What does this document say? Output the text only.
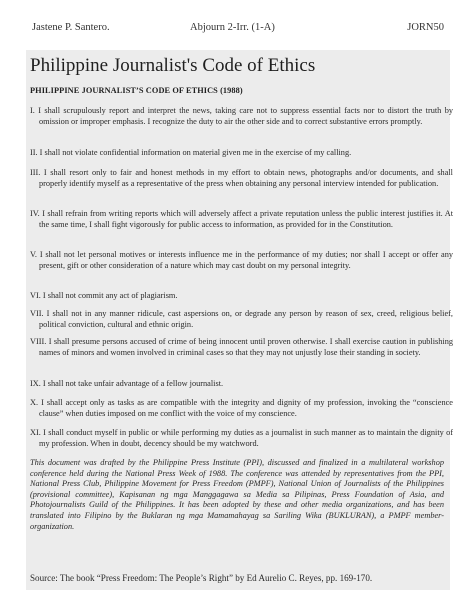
Jastene P. Santero.	Abjourn 2-Irr. (1-A)	JORN50
Philippine Journalist's Code of Ethics
PHILIPPINE JOURNALIST’S CODE OF ETHICS (1988)
I. I shall scrupulously report and interpret the news, taking care not to suppress essential facts nor to distort the truth by omission or improper emphasis. I recognize the duty to air the other side and to correct substantive errors promptly.
II. I shall not violate confidential information on material given me in the exercise of my calling.
III. I shall resort only to fair and honest methods in my effort to obtain news, photographs and/or documents, and shall properly identify myself as a representative of the press when obtaining any personal interview intended for publication.
IV. I shall refrain from writing reports which will adversely affect a private reputation unless the public interest justifies it. At the same time, I shall fight vigorously for public access to information, as provided for in the Constitution.
V. I shall not let personal motives or interests influence me in the performance of my duties; nor shall I accept or offer any present, gift or other consideration of a nature which may cast doubt on my personal integrity.
VI. I shall not commit any act of plagiarism.
VII. I shall not in any manner ridicule, cast aspersions on, or degrade any person by reason of sex, creed, religious belief, political conviction, cultural and ethnic origin.
VIII. I shall presume persons accused of crime of being innocent until proven otherwise. I shall exercise caution in publishing names of minors and women involved in criminal cases so that they may not unjustly lose their standing in society.
IX. I shall not take unfair advantage of a fellow journalist.
X. I shall accept only as tasks as are compatible with the integrity and dignity of my profession, invoking the “conscience clause” when duties imposed on me conflict with the voice of my conscience.
XI. I shall conduct myself in public or while performing my duties as a journalist in such manner as to maintain the dignity of my profession. When in doubt, decency should be my watchword.
This document was drafted by the Philippine Press Institute (PPI), discussed and finalized in a multilateral workshop conference held during the National Press Week of 1988. The conference was attended by representatives from the PPI, National Press Club, Philippine Movement for Press Freedom (PMPF), National Union of Journalists of the Philippines (provisional committee), Kapisanan ng mga Manggagawa sa Media sa Pilipinas, Press Foundation of Asia, and Photojournalists Guild of the Philippines. It has been adopted by these and other media organizations, and has been translated into Filipino by the Buklaran ng mga Mamamahayag sa Sariling Wika (BUKLURAN), a PMPF member-organization.
Source: The book “Press Freedom: The People’s Right” by Ed Aurelio C. Reyes, pp. 169-170.
